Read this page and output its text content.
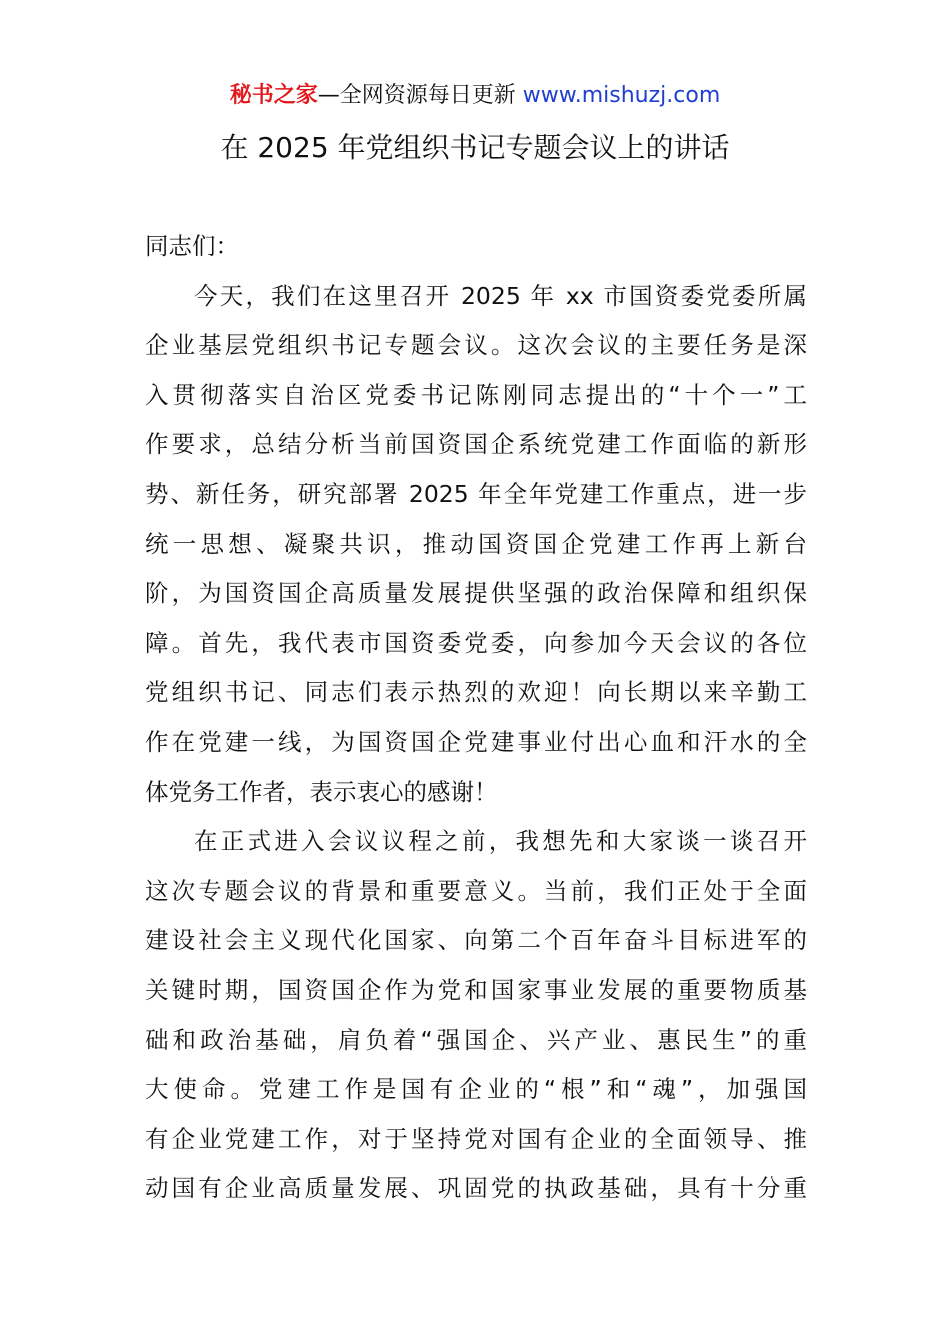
秘书之家—全网资源每日更新 www.mishuzj.com
在 2025 年党组织书记专题会议上的讲话
同志们：
今天，我们在这里召开 2025 年 xx 市国资委党委所属
企业基层党组织书记专题会议。这次会议的主要任务是深
入贯彻落实自治区党委书记陈刚同志提出的“十个一”工
作要求，总结分析当前国资国企系统党建工作面临的新形
势、新任务，研究部署 2025 年全年党建工作重点，进一步
统一思想、凝聚共识，推动国资国企党建工作再上新台
阶，为国资国企高质量发展提供坚强的政治保障和组织保
障。首先，我代表市国资委党委，向参加今天会议的各位
党组织书记、同志们表示热烈的欢迎！向长期以来辛勤工
作在党建一线，为国资国企党建事业付出心血和汗水的全
体党务工作者，表示衷心的感谢！
在正式进入会议议程之前，我想先和大家谈一谈召开
这次专题会议的背景和重要意义。当前，我们正处于全面
建设社会主义现代化国家、向第二个百年奋斗目标进军的
关键时期，国资国企作为党和国家事业发展的重要物质基
础和政治基础，肩负着“强国企、兴产业、惠民生”的重
大使命。党建工作是国有企业的“根”和“魂”，加强国
有企业党建工作，对于坚持党对国有企业的全面领导、推
动国有企业高质量发展、巩固党的执政基础，具有十分重
